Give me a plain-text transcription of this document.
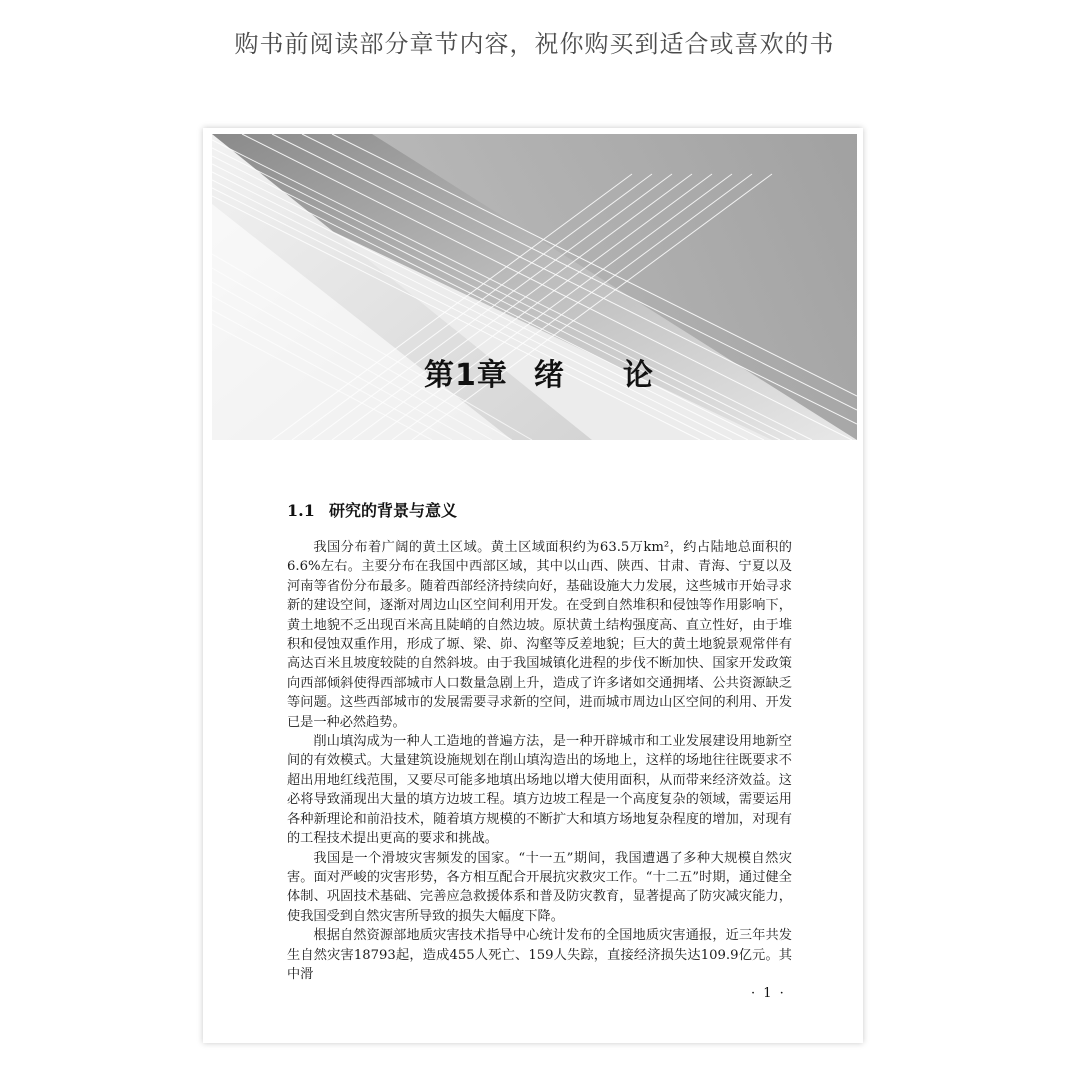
购书前阅读部分章节内容，祝你购买到适合或喜欢的书
第1章 绪 论
1.1 研究的背景与意义

我国分布着广阔的黄土区域。黄土区域面积约为63.5万km²，约占陆地总面积的6.6%左右。主要分布在我国中西部区域，其中以山西、陕西、甘肃、青海、宁夏以及河南等省份分布最多。随着西部经济持续向好，基础设施大力发展，这些城市开始寻求新的建设空间，逐渐对周边山区空间利用开发。在受到自然堆积和侵蚀等作用影响下，黄土地貌不乏出现百米高且陡峭的自然边坡。原状黄土结构强度高、直立性好，由于堆积和侵蚀双重作用，形成了塬、梁、峁、沟壑等反差地貌；巨大的黄土地貌景观常伴有高达百米且坡度较陡的自然斜坡。由于我国城镇化进程的步伐不断加快、国家开发政策向西部倾斜使得西部城市人口数量急剧上升，造成了许多诸如交通拥堵、公共资源缺乏等问题。这些西部城市的发展需要寻求新的空间，进而城市周边山区空间的利用、开发已是一种必然趋势。

削山填沟成为一种人工造地的普遍方法，是一种开辟城市和工业发展建设用地新空间的有效模式。大量建筑设施规划在削山填沟造出的场地上，这样的场地往往既要求不超出用地红线范围，又要尽可能多地填出场地以增大使用面积，从而带来经济效益。这必将导致涌现出大量的填方边坡工程。填方边坡工程是一个高度复杂的领域，需要运用各种新理论和前沿技术，随着填方规模的不断扩大和填方场地复杂程度的增加，对现有的工程技术提出更高的要求和挑战。

我国是一个滑坡灾害频发的国家。“十一五”期间，我国遭遇了多种大规模自然灾害。面对严峻的灾害形势，各方相互配合开展抗灾救灾工作。“十二五”时期，通过健全体制、巩固技术基础、完善应急救援体系和普及防灾教育，显著提高了防灾减灾能力，使我国受到自然灾害所导致的损失大幅度下降。

根据自然资源部地质灾害技术指导中心统计发布的全国地质灾害通报，近三年共发生自然灾害18793起，造成455人死亡、159人失踪，直接经济损失达109.9亿元。其中滑

· 1 ·
